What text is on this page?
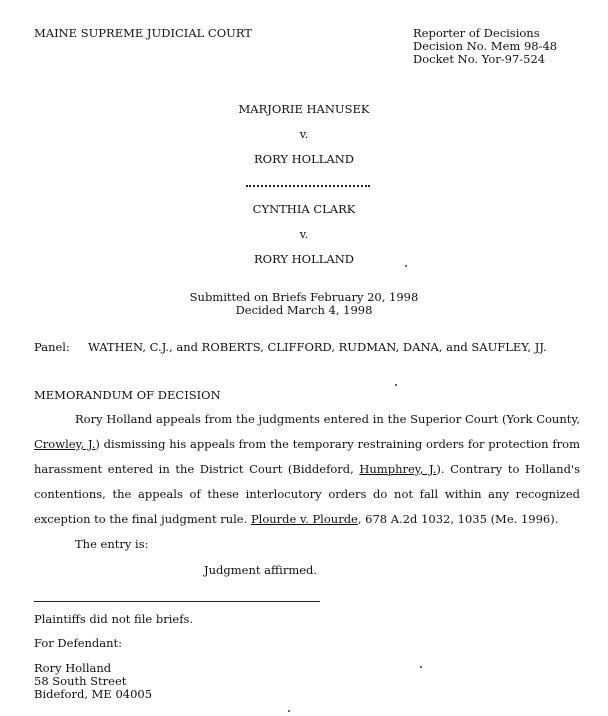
MAINE SUPREME JUDICIAL COURT	Reporter of Decisions
Decision No. Mem 98-48
Docket No. Yor-97-524
MARJORIE HANUSEK
v.
RORY HOLLAND
CYNTHIA CLARK
v.
RORY HOLLAND
Submitted on Briefs February 20, 1998
Decided March 4, 1998
Panel: WATHEN, C.J., and ROBERTS, CLIFFORD, RUDMAN, DANA, and SAUFLEY, JJ.
MEMORANDUM OF DECISION
Rory Holland appeals from the judgments entered in the Superior Court (York County, Crowley, J.) dismissing his appeals from the temporary restraining orders for protection from harassment entered in the District Court (Biddeford, Humphrey, J.). Contrary to Holland's contentions, the appeals of these interlocutory orders do not fall within any recognized exception to the final judgment rule. Plourde v. Plourde, 678 A.2d 1032, 1035 (Me. 1996).
The entry is:
Judgment affirmed.
Plaintiffs did not file briefs.
For Defendant:
Rory Holland
58 South Street
Bideford, ME 04005
